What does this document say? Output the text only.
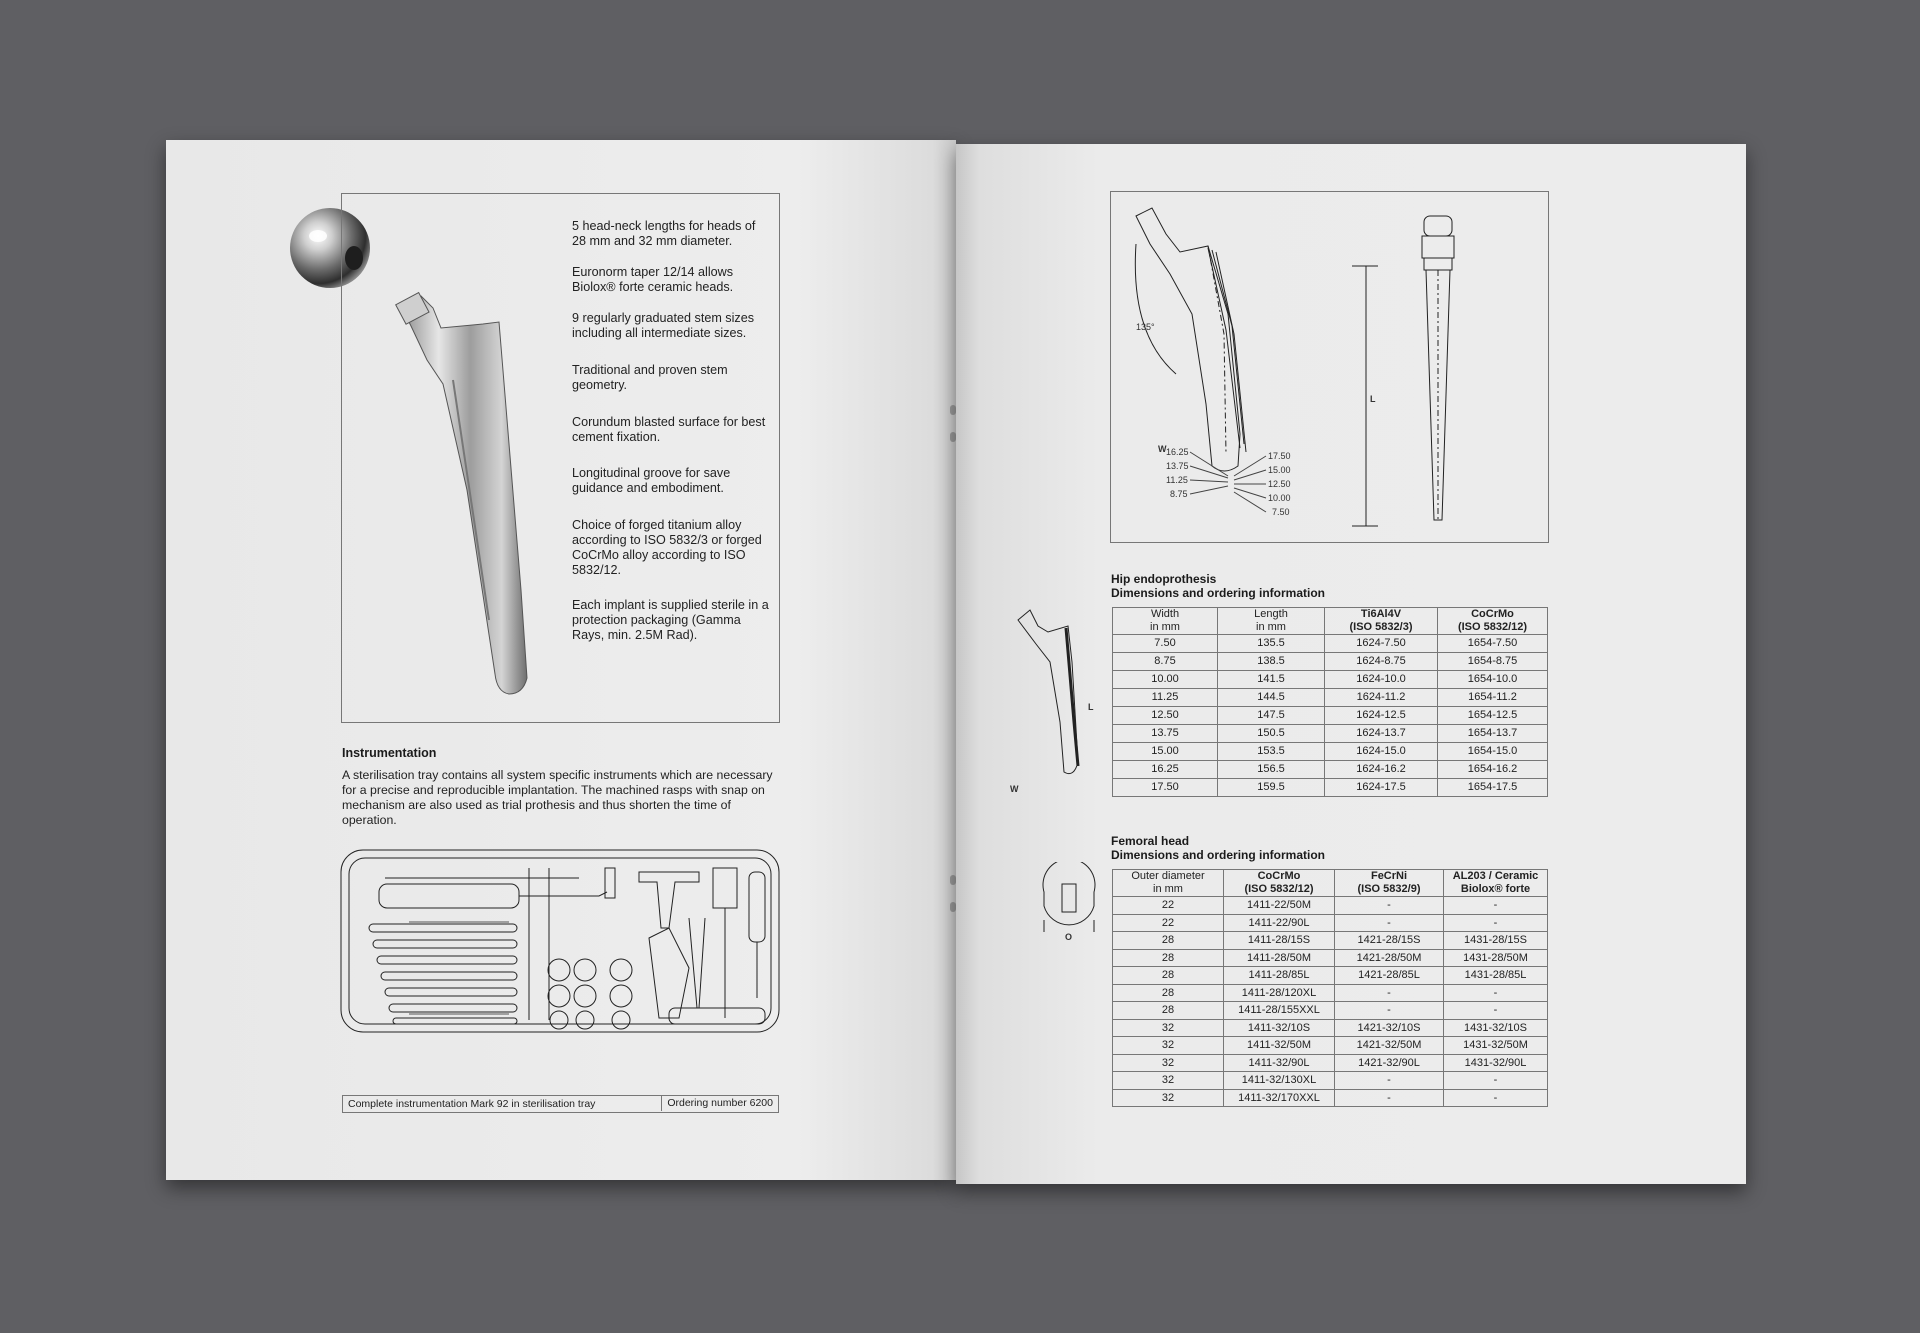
5 head-neck lengths for heads of 28 mm and 32 mm diameter.

Euronorm taper 12/14 allows Biolox® forte ceramic heads.

9 regularly graduated stem sizes including all intermediate sizes.

Traditional and proven stem geometry.

Corundum blasted surface for best cement fixation.

Longitudinal groove for save guidance and embodiment.

Choice of forged titanium alloy according to ISO 5832/3 or forged CoCrMo alloy according to ISO 5832/12.

Each implant is supplied sterile in a protection packaging (Gamma Rays, min. 2.5M Rad).

Instrumentation
A sterilisation tray contains all system specific instruments which are necessary for a precise and reproducible implantation. The machined rasps with snap on mechanism are also used as trial prothesis and thus shorten the time of operation.
Complete instrumentation Mark 92 in sterilisation tray	Ordering number 6200
135°
L
W 16.25
13.75
11.25
8.75
17.50
15.00
12.50
10.00
7.50
Hip endoprothesis
Dimensions and ordering information
L
W
Width
in mm	Length
in mm	Ti6Al4V
(ISO 5832/3)	CoCrMo
(ISO 5832/12)
7.50	135.5	1624-7.50	1654-7.50
8.75	138.5	1624-8.75	1654-8.75
10.00	141.5	1624-10.0	1654-10.0
11.25	144.5	1624-11.2	1654-11.2
12.50	147.5	1624-12.5	1654-12.5
13.75	150.5	1624-13.7	1654-13.7
15.00	153.5	1624-15.0	1654-15.0
16.25	156.5	1624-16.2	1654-16.2
17.50	159.5	1624-17.5	1654-17.5
Femoral head
Dimensions and ordering information
O
Outer diameter
in mm	CoCrMo
(ISO 5832/12)	FeCrNi
(ISO 5832/9)	AL203 / Ceramic
Biolox® forte
22	1411-22/50M	-	-
22	1411-22/90L	-	-
28	1411-28/15S	1421-28/15S	1431-28/15S
28	1411-28/50M	1421-28/50M	1431-28/50M
28	1411-28/85L	1421-28/85L	1431-28/85L
28	1411-28/120XL	-	-
28	1411-28/155XXL	-	-
32	1411-32/10S	1421-32/10S	1431-32/10S
32	1411-32/50M	1421-32/50M	1431-32/50M
32	1411-32/90L	1421-32/90L	1431-32/90L
32	1411-32/130XL	-	-
32	1411-32/170XXL	-	-
